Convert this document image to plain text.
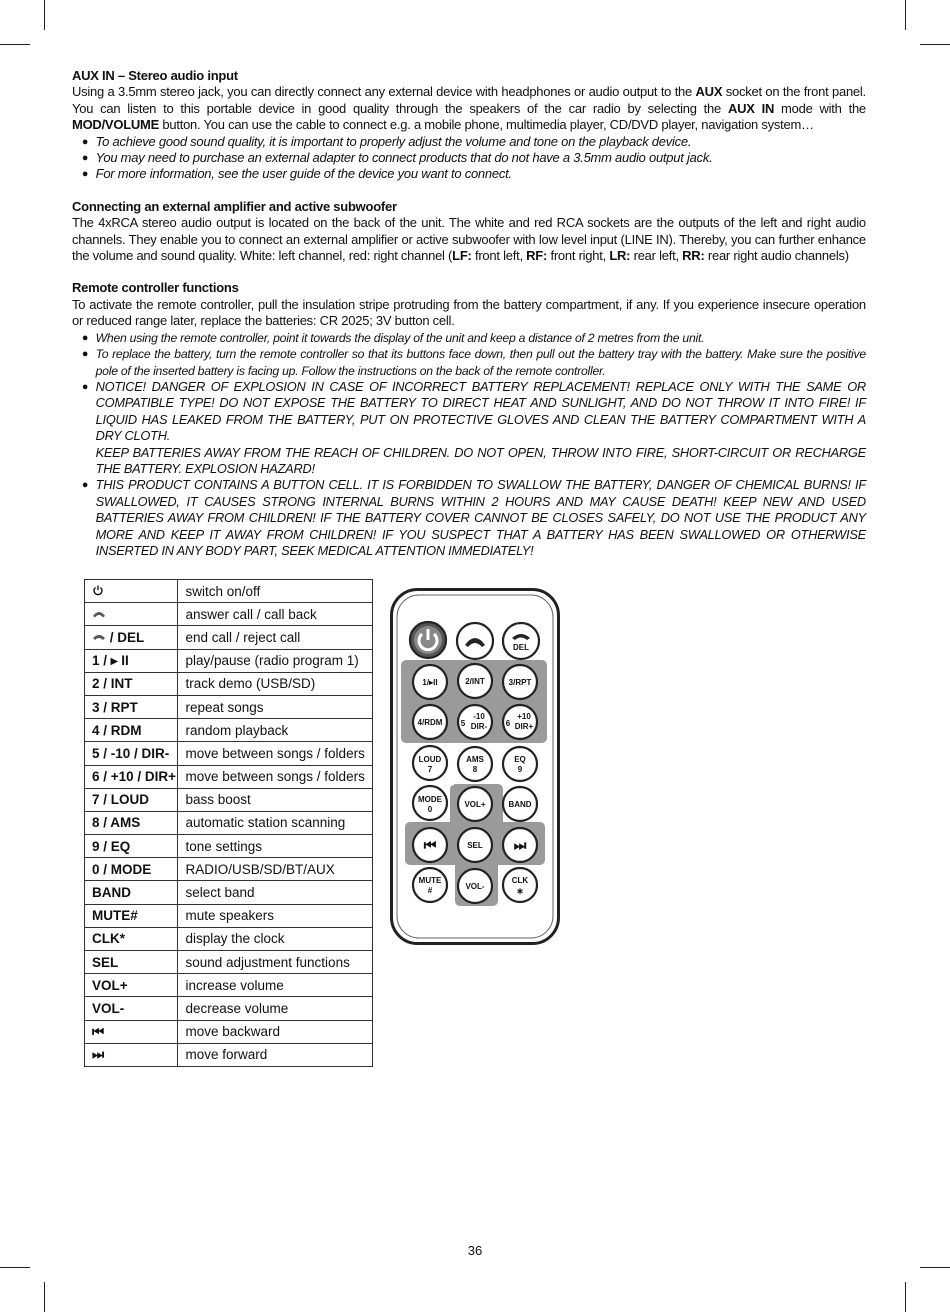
AUX IN – Stereo audio input

Using a 3.5mm stereo jack, you can directly connect any external device with headphones or audio output to the AUX socket on the front panel. You can listen to this portable device in good quality through the speakers of the car radio by selecting the AUX IN mode with the MOD/VOLUME button. You can use the cable to connect e.g. a mobile phone, multimedia player, CD/DVD player, navigation system…

● To achieve good sound quality, it is important to properly adjust the volume and tone on the playback device.
● You may need to purchase an external adapter to connect products that do not have a 3.5mm audio output jack.
● For more information, see the user guide of the device you want to connect.
Connecting an external amplifier and active subwoofer

The 4xRCA stereo audio output is located on the back of the unit. The white and red RCA sockets are the outputs of the left and right audio channels. They enable you to connect an external amplifier or active subwoofer with low level input (LINE IN). Thereby, you can further enhance the volume and sound quality. White: left channel, red: right channel (LF: front left, RF: front right, LR: rear left, RR: rear right audio channels)

Remote controller functions

To activate the remote controller, pull the insulation stripe protruding from the battery compartment, if any. If you experience insecure operation or reduced range later, replace the batteries: CR 2025; 3V button cell.

● When using the remote controller, point it towards the display of the unit and keep a distance of 2 metres from the unit.
● To replace the battery, turn the remote controller so that its buttons face down, then pull out the battery tray with the battery. Make sure the positive pole of the inserted battery is facing up. Follow the instructions on the back of the remote controller.
● NOTICE! DANGER OF EXPLOSION IN CASE OF INCORRECT BATTERY REPLACEMENT! REPLACE ONLY WITH THE SAME OR COMPATIBLE TYPE! DO NOT EXPOSE THE BATTERY TO DIRECT HEAT AND SUNLIGHT, AND DO NOT THROW IT INTO FIRE! IF LIQUID HAS LEAKED FROM THE BATTERY, PUT ON PROTECTIVE GLOVES AND CLEAN THE BATTERY COMPARTMENT WITH A DRY CLOTH.
KEEP BATTERIES AWAY FROM THE REACH OF CHILDREN. DO NOT OPEN, THROW INTO FIRE, SHORT-CIRCUIT OR RECHARGE THE BATTERY. EXPLOSION HAZARD!
● THIS PRODUCT CONTAINS A BUTTON CELL. IT IS FORBIDDEN TO SWALLOW THE BATTERY, DANGER OF CHEMICAL BURNS! IF SWALLOWED, IT CAUSES STRONG INTERNAL BURNS WITHIN 2 HOURS AND MAY CAUSE DEATH! KEEP NEW AND USED BATTERIES AWAY FROM CHILDREN! IF THE BATTERY COVER CANNOT BE CLOSES SAFELY, DO NOT USE THE PRODUCT ANY MORE AND KEEP IT AWAY FROM CHILDREN! IF YOU SUSPECT THAT A BATTERY HAS BEEN SWALLOWED OR OTHERWISE INSERTED IN ANY BODY PART, SEEK MEDICAL ATTENTION IMMEDIATELY!
	switch on/off
	answer call / call back
/ DEL	end call / reject call
1 / ▸ II	play/pause (radio program 1)
2 / INT	track demo (USB/SD)
3 / RPT	repeat songs
4 / RDM	random playback
5 / -10 / DIR-	move between songs / folders
6 / +10 / DIR+	move between songs / folders
7 / LOUD	bass boost
8 / AMS	automatic station scanning
9 / EQ	tone settings
0 / MODE	RADIO/USB/SD/BT/AUX
BAND	select band
MUTE#	mute speakers
CLK*	display the clock
SEL	sound adjustment functions
VOL+	increase volume
VOL-	decrease volume
⏮	move backward
⏭	move forward
DEL
1/▸II	2/INT	3/RPT
4/RDM 5
-10
DIR- 6
+10
DIR+
LOUD
7
AMS
8
EQ
9
MODE
0
VOL+	BAND
⏮	SEL ⏭
MUTE
#	VOL-
CLK
∗
36
